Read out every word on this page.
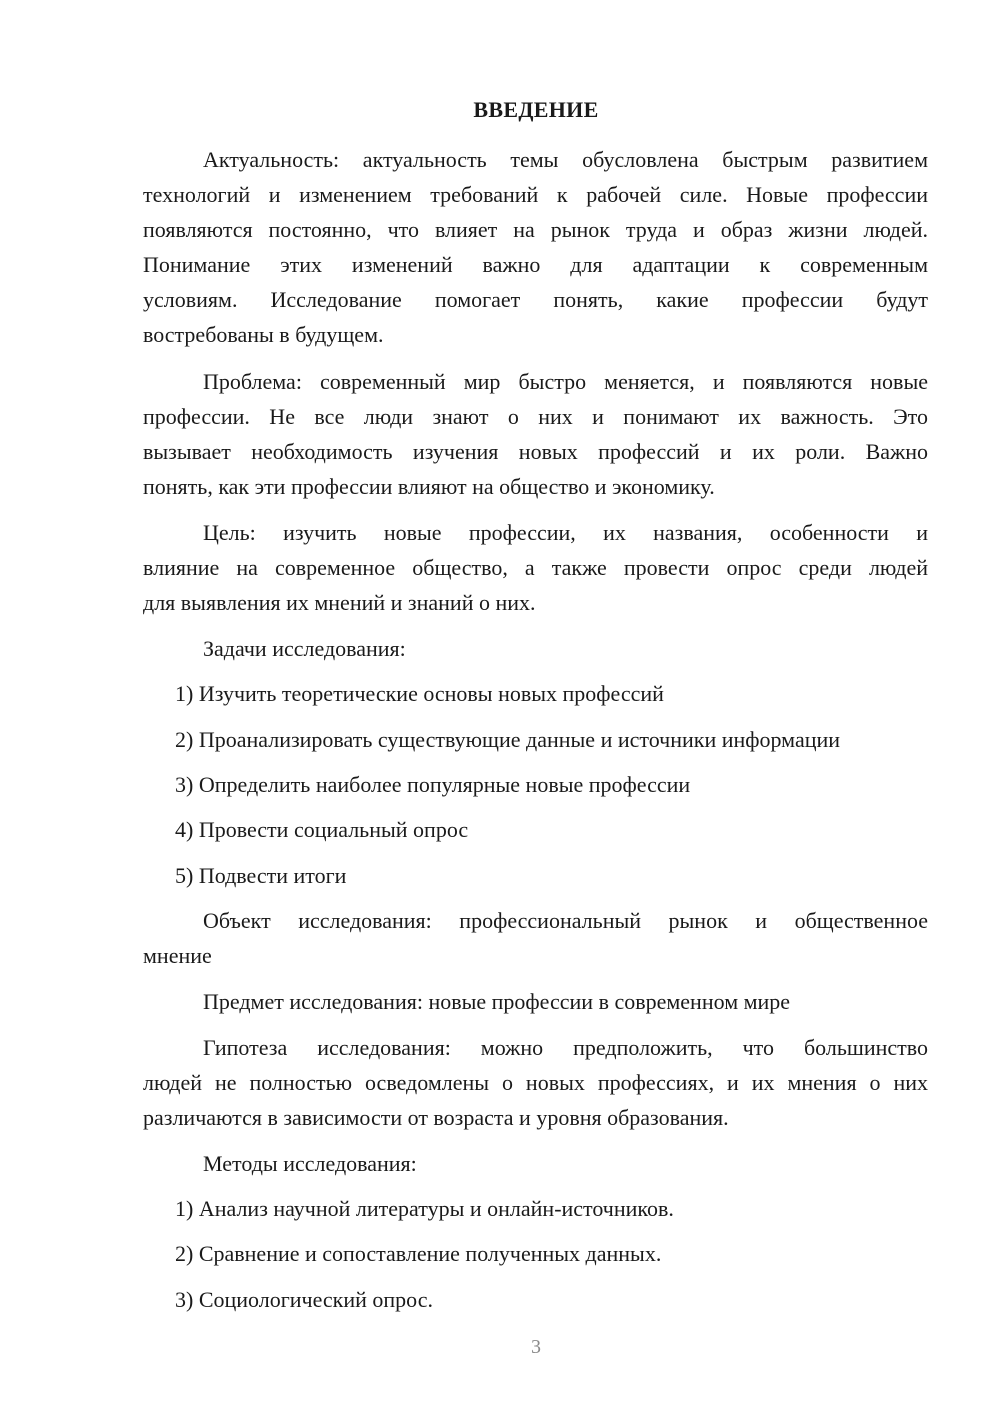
ВВЕДЕНИЕ
Актуальность: актуальность темы обусловлена быстрым развитием
технологий и изменением требований к рабочей силе. Новые профессии
появляются постоянно, что влияет на рынок труда и образ жизни людей.
Понимание этих изменений важно для адаптации к современным
условиям. Исследование помогает понять, какие профессии будут
востребованы в будущем.
Проблема: современный мир быстро меняется, и появляются новые
профессии. Не все люди знают о них и понимают их важность. Это
вызывает необходимость изучения новых профессий и их роли. Важно
понять, как эти профессии влияют на общество и экономику.
Цель: изучить новые профессии, их названия, особенности и
влияние на современное общество, а также провести опрос среди людей
для выявления их мнений и знаний о них.
Задачи исследования:
1) Изучить теоретические основы новых профессий
2) Проанализировать существующие данные и источники информации
3) Определить наиболее популярные новые профессии
4) Провести социальный опрос
5) Подвести итоги
Объект исследования: профессиональный рынок и общественное
мнение
Предмет исследования: новые профессии в современном мире
Гипотеза исследования: можно предположить, что большинство
людей не полностью осведомлены о новых профессиях, и их мнения о них
различаются в зависимости от возраста и уровня образования.
Методы исследования:
1) Анализ научной литературы и онлайн-источников.
2) Сравнение и сопоставление полученных данных.
3) Социологический опрос.
3
